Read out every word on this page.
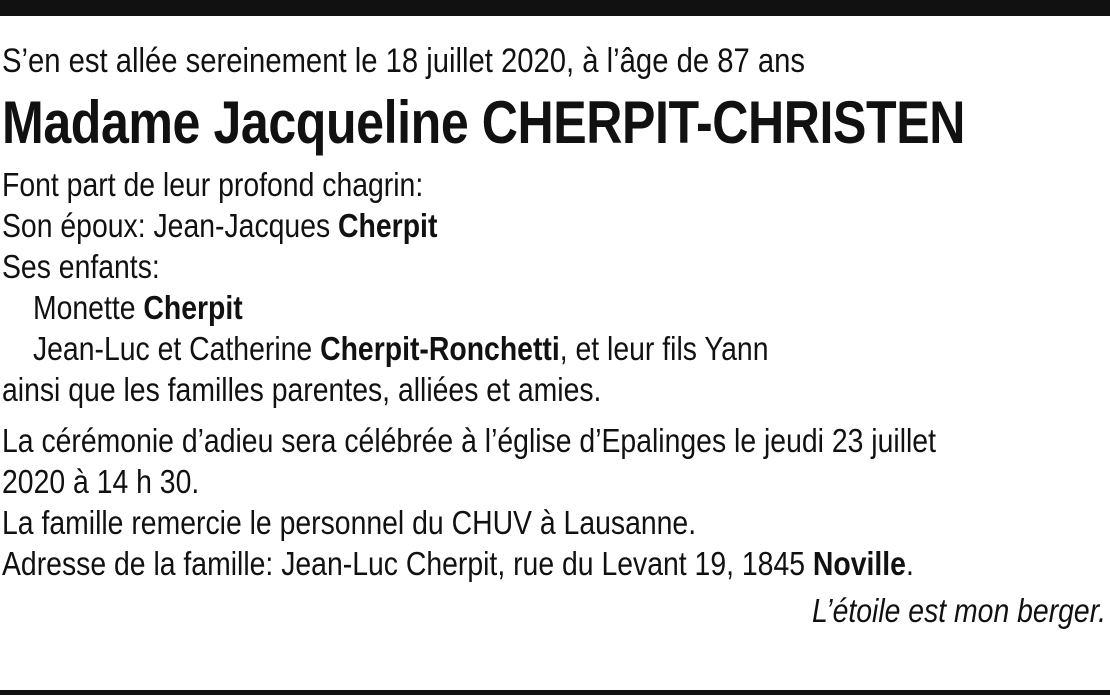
S’en est allée sereinement le 18 juillet 2020, à l’âge de 87 ans
Madame Jacqueline CHERPIT-CHRISTEN
Font part de leur profond chagrin:
Son époux: Jean-Jacques Cherpit
Ses enfants:
Monette Cherpit
Jean-Luc et Catherine Cherpit-Ronchetti, et leur fils Yann
ainsi que les familles parentes, alliées et amies.
La cérémonie d’adieu sera célébrée à l’église d’Epalinges le jeudi 23 juillet
2020 à 14 h 30.
La famille remercie le personnel du CHUV à Lausanne.
Adresse de la famille: Jean-Luc Cherpit, rue du Levant 19, 1845 Noville.
L’étoile est mon berger.
